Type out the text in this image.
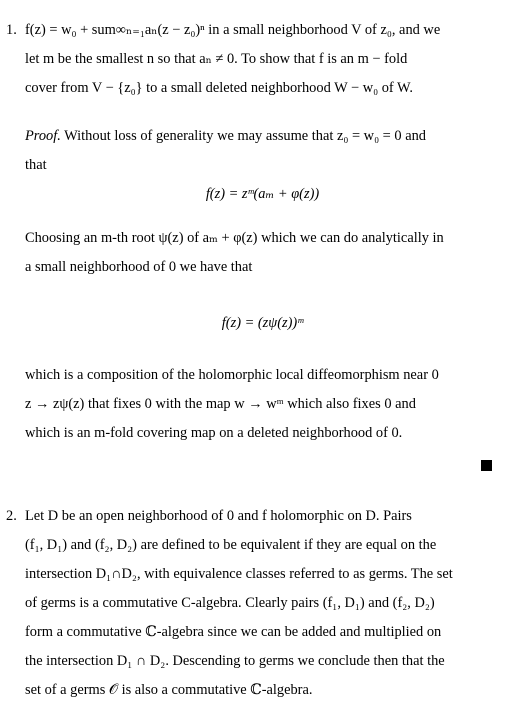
1. f(z) = w₀ + sum∞ₙ₌₁aₙ(z − z₀)ⁿ in a small neighborhood V of z₀, and we
let m be the smallest n so that aₙ ≠ 0. To show that f is an m − fold
cover from V − {z₀} to a small deleted neighborhood W − w₀ of W.
Proof. Without loss of generality we may assume that z₀ = w₀ = 0 and
that
f(z) = zᵐ(aₘ + φ(z))
Choosing an m-th root ψ(z) of aₘ + φ(z) which we can do analytically in
a small neighborhood of 0 we have that
f(z) = (zψ(z))ᵐ
which is a composition of the holomorphic local diffeomorphism near 0
z → zψ(z) that fixes 0 with the map w → wᵐ which also fixes 0 and
which is an m-fold covering map on a deleted neighborhood of 0.
2. Let D be an open neighborhood of 0 and f holomorphic on D. Pairs
(f₁, D₁) and (f₂, D₂) are defined to be equivalent if they are equal on the
intersection D₁∩D₂, with equivalence classes referred to as germs. The set
of germs is a commutative C-algebra. Clearly pairs (f₁, D₁) and (f₂, D₂)
form a commutative ℂ-algebra since we can be added and multiplied on
the intersection D₁ ∩ D₂. Descending to germs we conclude then that the
set of a germs 𝒪 is also a commutative ℂ-algebra.
